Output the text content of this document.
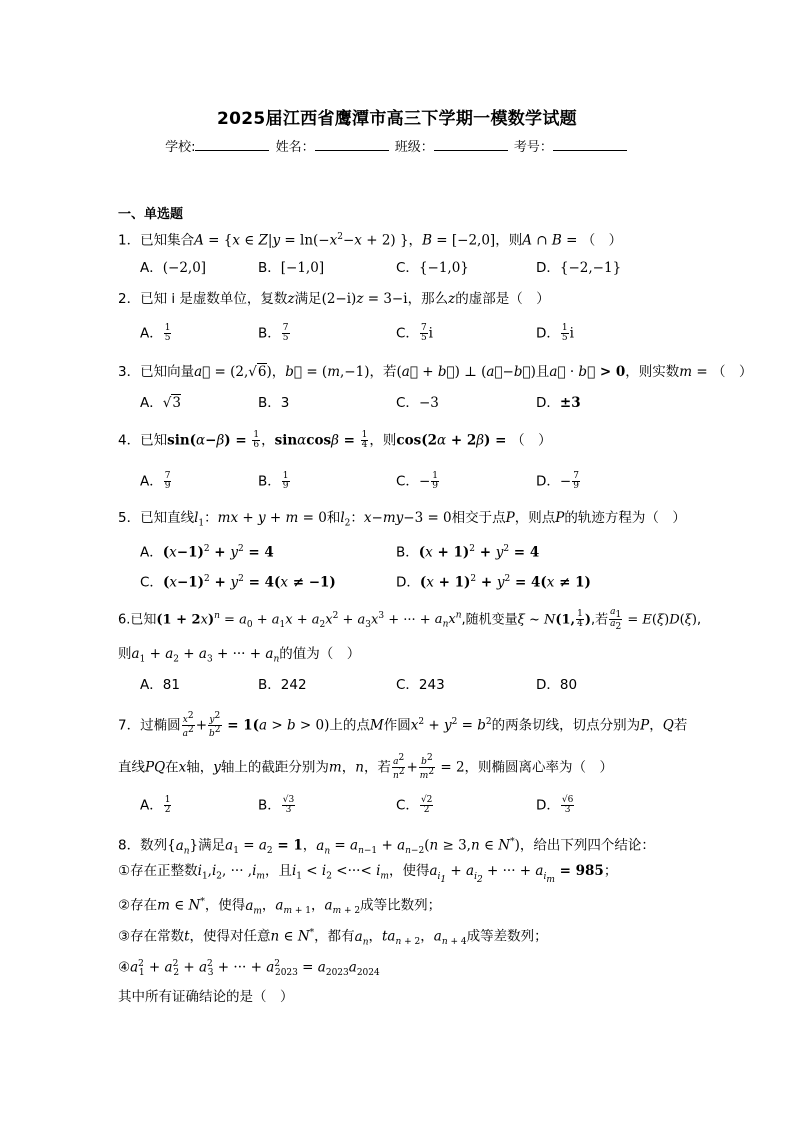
2025届江西省鹰潭市高三下学期一模数学试题
学校:	姓名：	班级：	考号：
一、单选题
1．已知集合A = {x ∈ $Z|y = \ln(-x^2-x + 2)$ }，B = [−2,0]，则A ∩ B = （　）
A．(−2,0]	B．[−1,0]	C．{−1,0}	D．{−2,−1}
2．已知 i 是虚数单位，复数z满足(2−i)z = 3−i，那么z的虚部是（　）
A． $\frac{1}{5}$	B． $\frac{7}{5}$	C． $\frac{7}{5}$ i	D． $\frac{1}{5}$ i
3．已知向量a⃗ = (2,√6)，b⃗ = (m,−1)，若(a⃗ + b⃗) ⊥ (a⃗−b⃗)且a⃗ · b⃗ > 0，则实数m = （　）
A．√3	B．3	C．−3	D．±3
4．已知$\sin(\alpha-\beta) = \frac{1}{6}$ ，$\sin\alpha\cos\beta = \frac{1}{4}$ ，则cos(2α + 2β) = （　）
A． $\frac{7}{9}$	B． $\frac{1}{9}$	C．− $\frac{1}{9}$	D．− $\frac{7}{9}$
5．已知直线$l_1$：mx + y + m = 0和$l_2$：x−my−3 = 0相交于点P，则点P的轨迹方程为（　）
A．$(x-1)^2 + y^2 = 4$	B．$(x + 1)^2 + y^2 = 4$
C．$(x-1)^2 + y^2 = 4(x \ne -1)$	D．$(x + 1)^2 + y^2 = 4(x \ne 1)$
6.已知$(1 + 2x)^n = a_0 + a_1x + a_2x^2 + a_3x^3$ + ··· + $a_nx^n$,随机变量ξ ~ N(1, $\frac{1}{4}$ ),若 $\frac{a_1}{a_2} = E(\xi)D(\xi)$,
则$a_1 + a_2 + a_3$ + ··· + $a_n$的值为（　）
A．81	B．242	C．243	D．80
7．过椭圆 $\frac{x^2}{a^2} + \frac{y^2}{b^2} = 1(a > b > 0)$上的点M作圆$x^2 + y^2 = b^2$的两条切线，切点分别为P，Q若
直线PQ在x轴，y轴上的截距分别为m，n，若 $\frac{a^2}{n^2} + \frac{b^2}{m^2} = 2$，则椭圆离心率为（　）
A． $\frac{1}{2}$	B． $\frac{√3}{3}$	C． $\frac{√2}{2}$	D． $\frac{√6}{3}$
8．数列$\{a_n\}$满足$a_1 = a_2 = 1$，$a_n = a_{n-1} + a_{n-2}(n \ge 3,n$ ∈ N*)，给出下列四个结论：
①存在正整数$i_1,i_2$, ··· $,i_m$，且$i_1 < i_2$ <···< $i_m$，使得$a_{i_1} + a_{i_2}$ + ··· + $a_{i_m} = 985$；
②存在m ∈ N*，使得$a_m$，$a_m$ $_{+ 1}$，$a_m$ $_{+ 2}$成等比数列；
③存在常数t，使得对任意n ∈ N*，都有$a_n$，$ta_n$ $_{+ 2}$，$a_n$ $_{+ 4}$成等差数列；
$④a^2_1 + a^2_2 + a^2_3$ + ··· + $a^2_{2023} = a_{2023}a_{2024}$
其中所有证确结论的是（　）
